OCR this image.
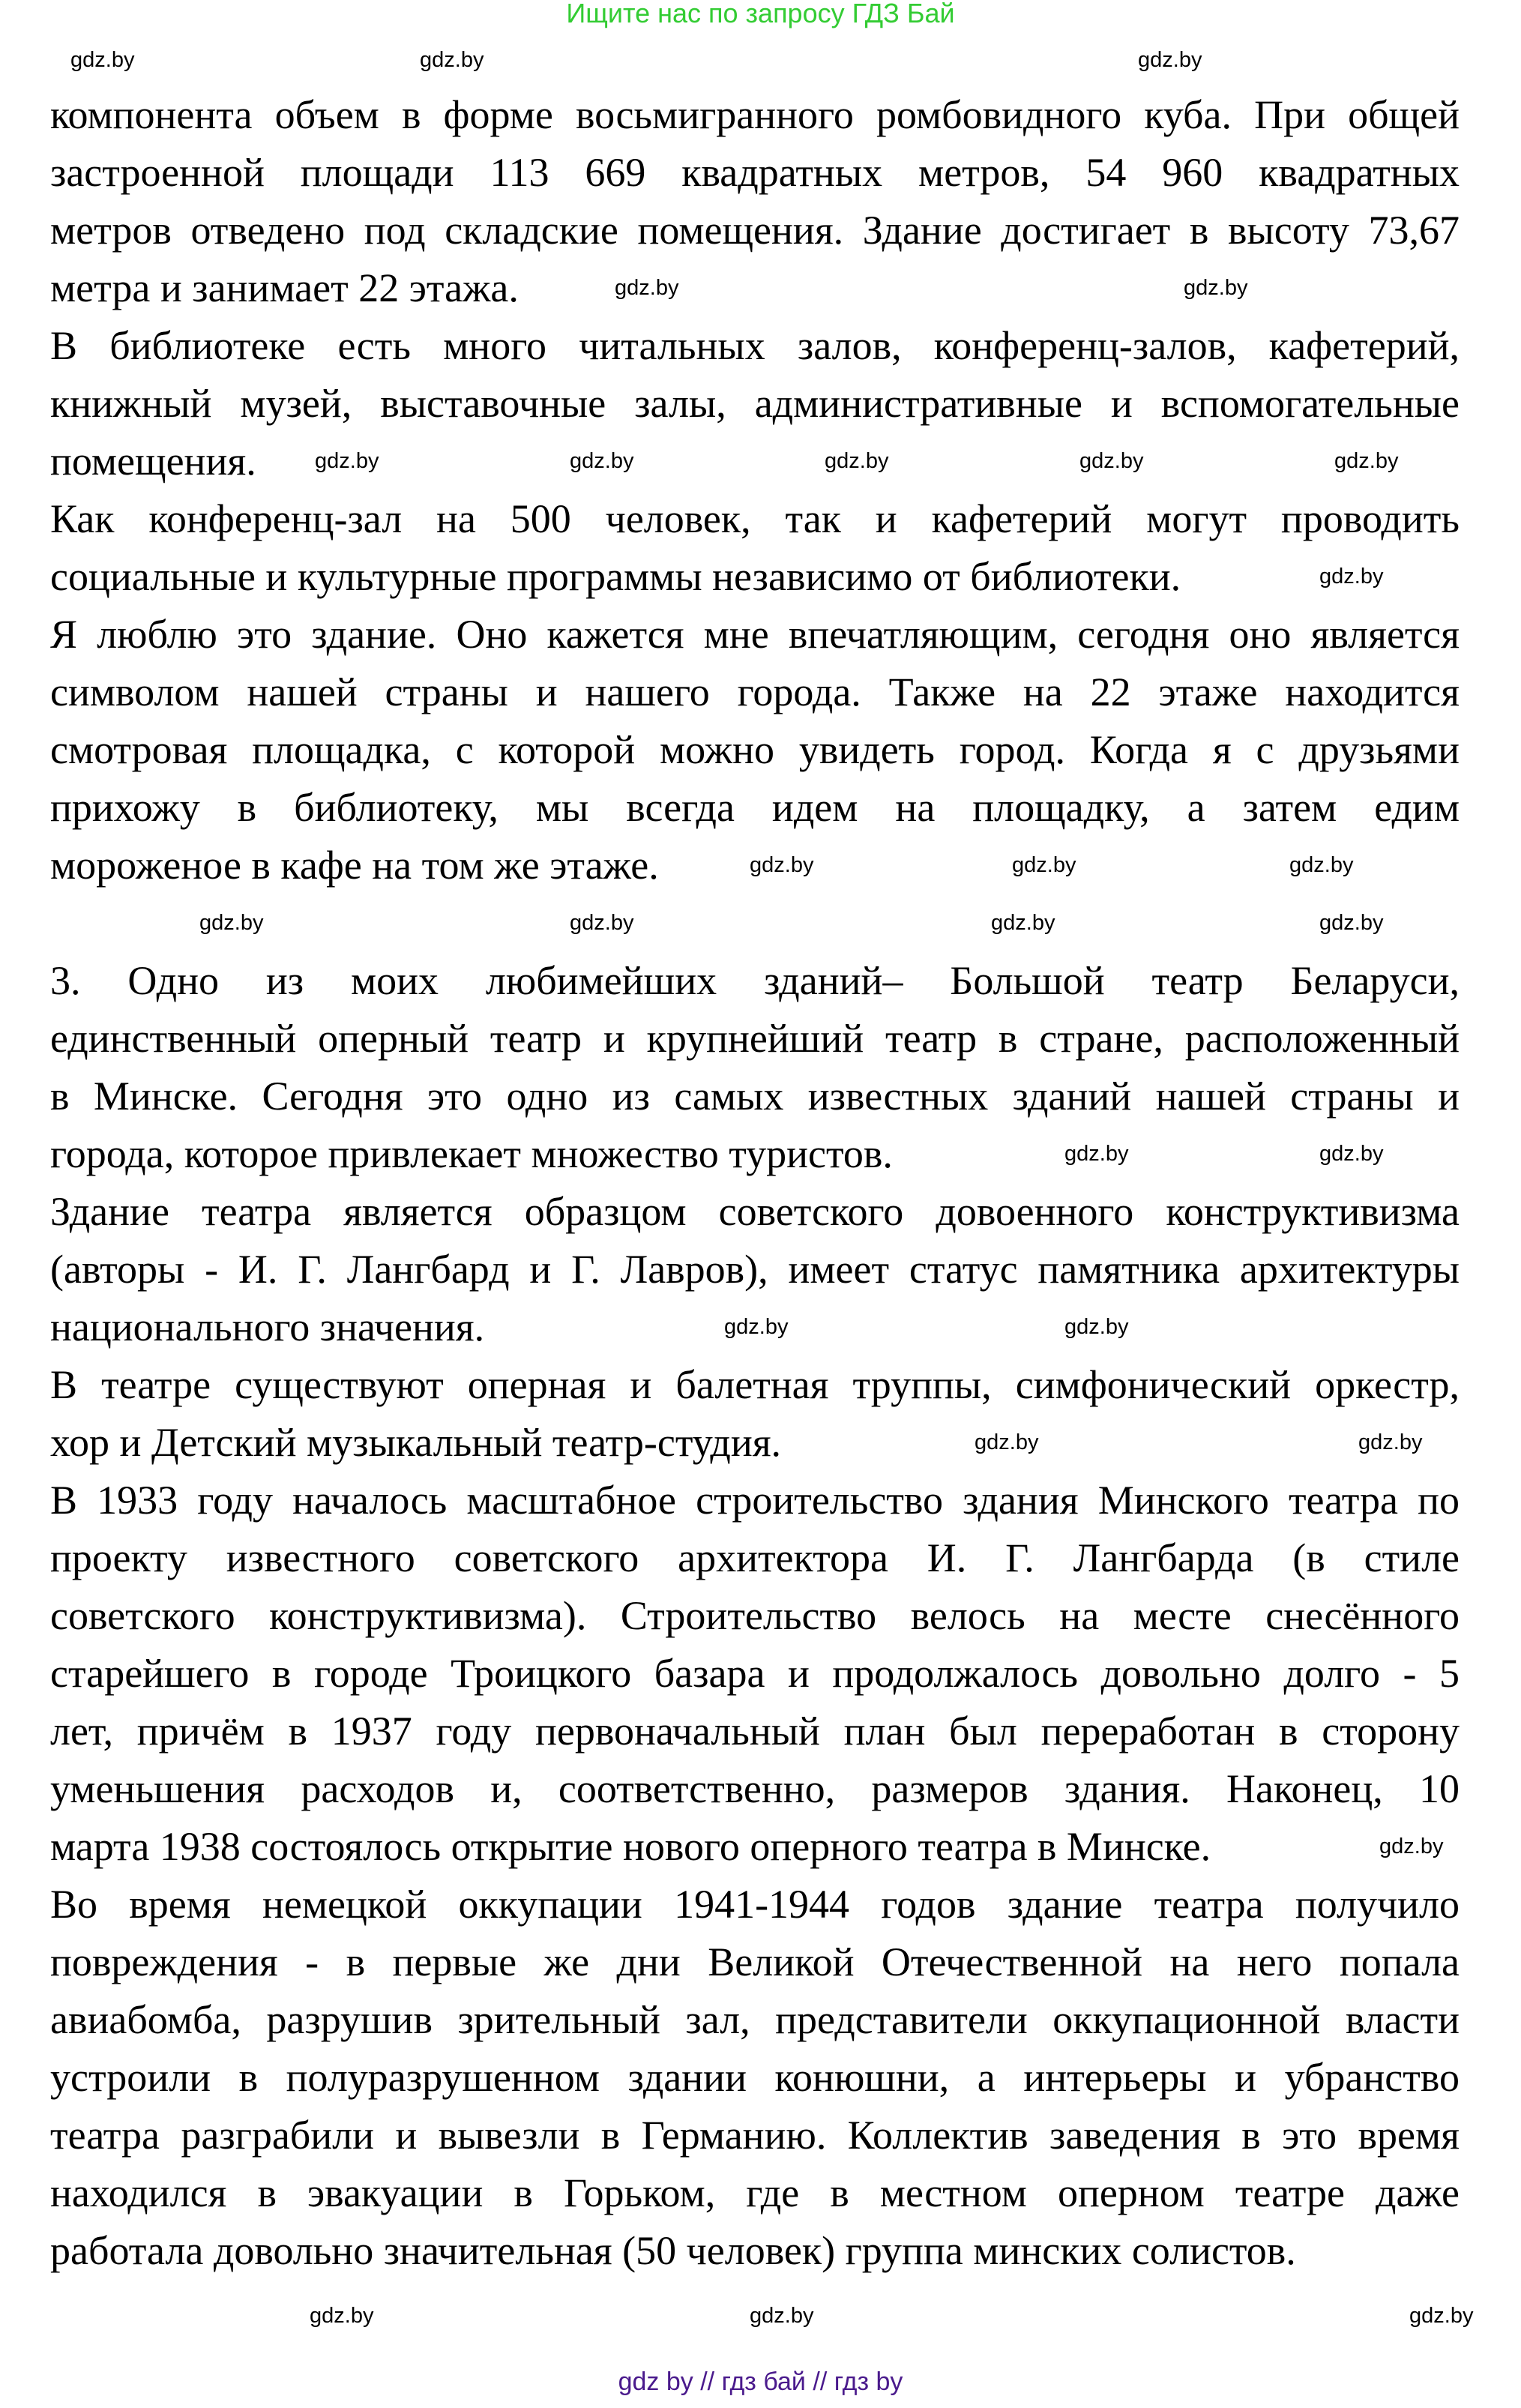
Ищите нас по запросу ГДЗ Бай
компонента объем в форме восьмигранного ромбовидного куба. При общей
застроенной площади 113 669 квадратных метров, 54 960 квадратных
метров отведено под складские помещения. Здание достигает в высоту 73,67
метра и занимает 22 этажа.
В библиотеке есть много читальных залов, конференц-залов, кафетерий,
книжный музей, выставочные залы, административные и вспомогательные
помещения.
Как конференц-зал на 500 человек, так и кафетерий могут проводить
социальные и культурные программы независимо от библиотеки.
Я люблю это здание. Оно кажется мне впечатляющим, сегодня оно является
символом нашей страны и нашего города. Также на 22 этаже находится
смотровая площадка, с которой можно увидеть город. Когда я с друзьями
прихожу в библиотеку, мы всегда идем на площадку, а затем едим
мороженое в кафе на том же этаже.
3. Одно из моих любимейших зданий– Большой театр Беларуси,
единственный оперный театр и крупнейший театр в стране, расположенный
в Минске. Сегодня это одно из самых известных зданий нашей страны и
города, которое привлекает множество туристов.
Здание театра является образцом советского довоенного конструктивизма
(авторы - И. Г. Лангбард и Г. Лавров), имеет статус памятника архитектуры
национального значения.
В театре существуют оперная и балетная труппы, симфонический оркестр,
хор и Детский музыкальный театр-студия.
В 1933 году началось масштабное строительство здания Минского театра по
проекту известного советского архитектора И. Г. Лангбарда (в стиле
советского конструктивизма). Строительство велось на месте снесённого
старейшего в городе Троицкого базара и продолжалось довольно долго - 5
лет, причём в 1937 году первоначальный план был переработан в сторону
уменьшения расходов и, соответственно, размеров здания. Наконец, 10
марта 1938 состоялось открытие нового оперного театра в Минске.
Во время немецкой оккупации 1941-1944 годов здание театра получило
повреждения - в первые же дни Великой Отечественной на него попала
авиабомба, разрушив зрительный зал, представители оккупационной власти
устроили в полуразрушенном здании конюшни, а интерьеры и убранство
театра разграбили и вывезли в Германию. Коллектив заведения в это время
находился в эвакуации в Горьком, где в местном оперном театре даже
работала довольно значительная (50 человек) группа минских солистов.
gdz.by	gdz.by	gdz.by
gdz.by	gdz.by
gdz.by	gdz.by	gdz.by	gdz.by	gdz.by
gdz.by
gdz.by	gdz.by	gdz.by
gdz.by	gdz.by	gdz.by	gdz.by
gdz.by	gdz.by
gdz.by	gdz.by
gdz.by	gdz.by
gdz.by
gdz.by	gdz.by	gdz.by
gdz by // гдз бай // гдз by
